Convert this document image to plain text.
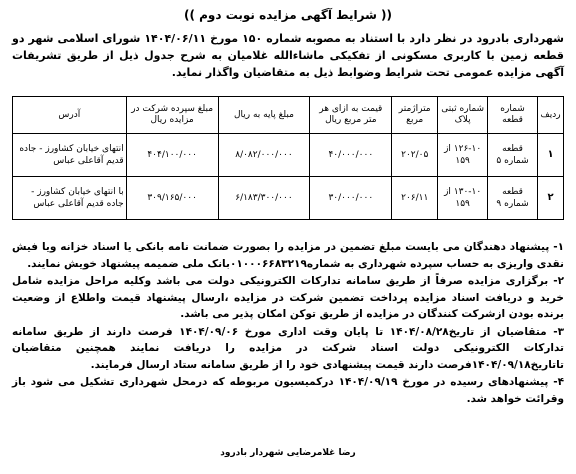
(( شرایط آگهی مزایده نوبت دوم ))

شهرداری بادرود در نظر دارد با استناد به مصوبه شماره ۱۵۰ مورخ ۱۴۰۴/۰۶/۱۱ شورای اسلامی شهر دو قطعه زمین با کاربری مسکونی از تفکیکی ماشاءالله غلامیان به شرح جدول ذیل از طریق تشریفات آگهی مزایده عمومی تحت شرایط وضوابط ذیل به متقاضیان واگذار نماید.

ردیف	شماره قطعه	شماره ثبتی پلاک	متراژمتر مربع	قیمت به ازای هر متر مربع ریال	مبلغ پایه به ریال	مبلغ سپرده شرکت در مزایده ریال	آدرس
۱	قطعه شماره ۵	۱۲۶-۱۰ از ۱۵۹	۲۰۲/۰۵	۴۰/۰۰۰/۰۰۰	۸/۰۸۲/۰۰۰/۰۰۰	۴۰۴/۱۰۰/۰۰۰	انتهای خیابان کشاورز - جاده قدیم آقاعلی عباس
۲	قطعه شماره ۹	۱۳۰-۱۰ از ۱۵۹	۲۰۶/۱۱	۳۰/۰۰۰/۰۰۰	۶/۱۸۳/۳۰۰/۰۰۰	۳۰۹/۱۶۵/۰۰۰	با انتهای خیابان کشاورز - جاده قدیم آقاعلی عباس

۱- پیشنهاد دهندگان می بایست مبلغ تضمین در مزایده را بصورت ضمانت نامه بانکی یا اسناد خزانه ویا فیش نقدی واریزی به حساب سپرده شهرداری به شماره۰۱۰۰۰۶۶۸۳۲۱۹بانک ملی ضمیمه پیشنهاد خویش نمایند.

۲- برگزاری مزایده صرفاً از طریق سامانه تدارکات الکترونیکی دولت می باشد وکلیه مراحل مزایده شامل خرید و دریافت اسناد مزایده پرداخت تضمین شرکت در مزایده ،ارسال پیشنهاد قیمت واطلاع از وضعیت برنده بودن ازشرکت کنندگان در مزایده از طریق توکن امکان پذیر می باشد.

۳- متقاضیان از تاریخ۱۴۰۴/۰۸/۲۸ تا پایان وقت اداری مورخ ۱۴۰۴/۰۹/۰۶ فرصت دارند از طریق سامانه تدارکات الکترونیکی دولت اسناد شرکت در مزایده را دریافت نمایند همچنین متقاضیان تاتاریخ۱۴۰۴/۰۹/۱۸فرصت دارند قیمت پیشنهادی خود را از طریق سامانه ستاد ارسال فرمایند.

۴- پیشنهادهای رسیده در مورخ ۱۴۰۴/۰۹/۱۹ درکمیسیون مربوطه که درمحل شهرداری تشکیل می شود باز وقرائت خواهد شد.

رضا غلامرضایی شهردار بادرود
